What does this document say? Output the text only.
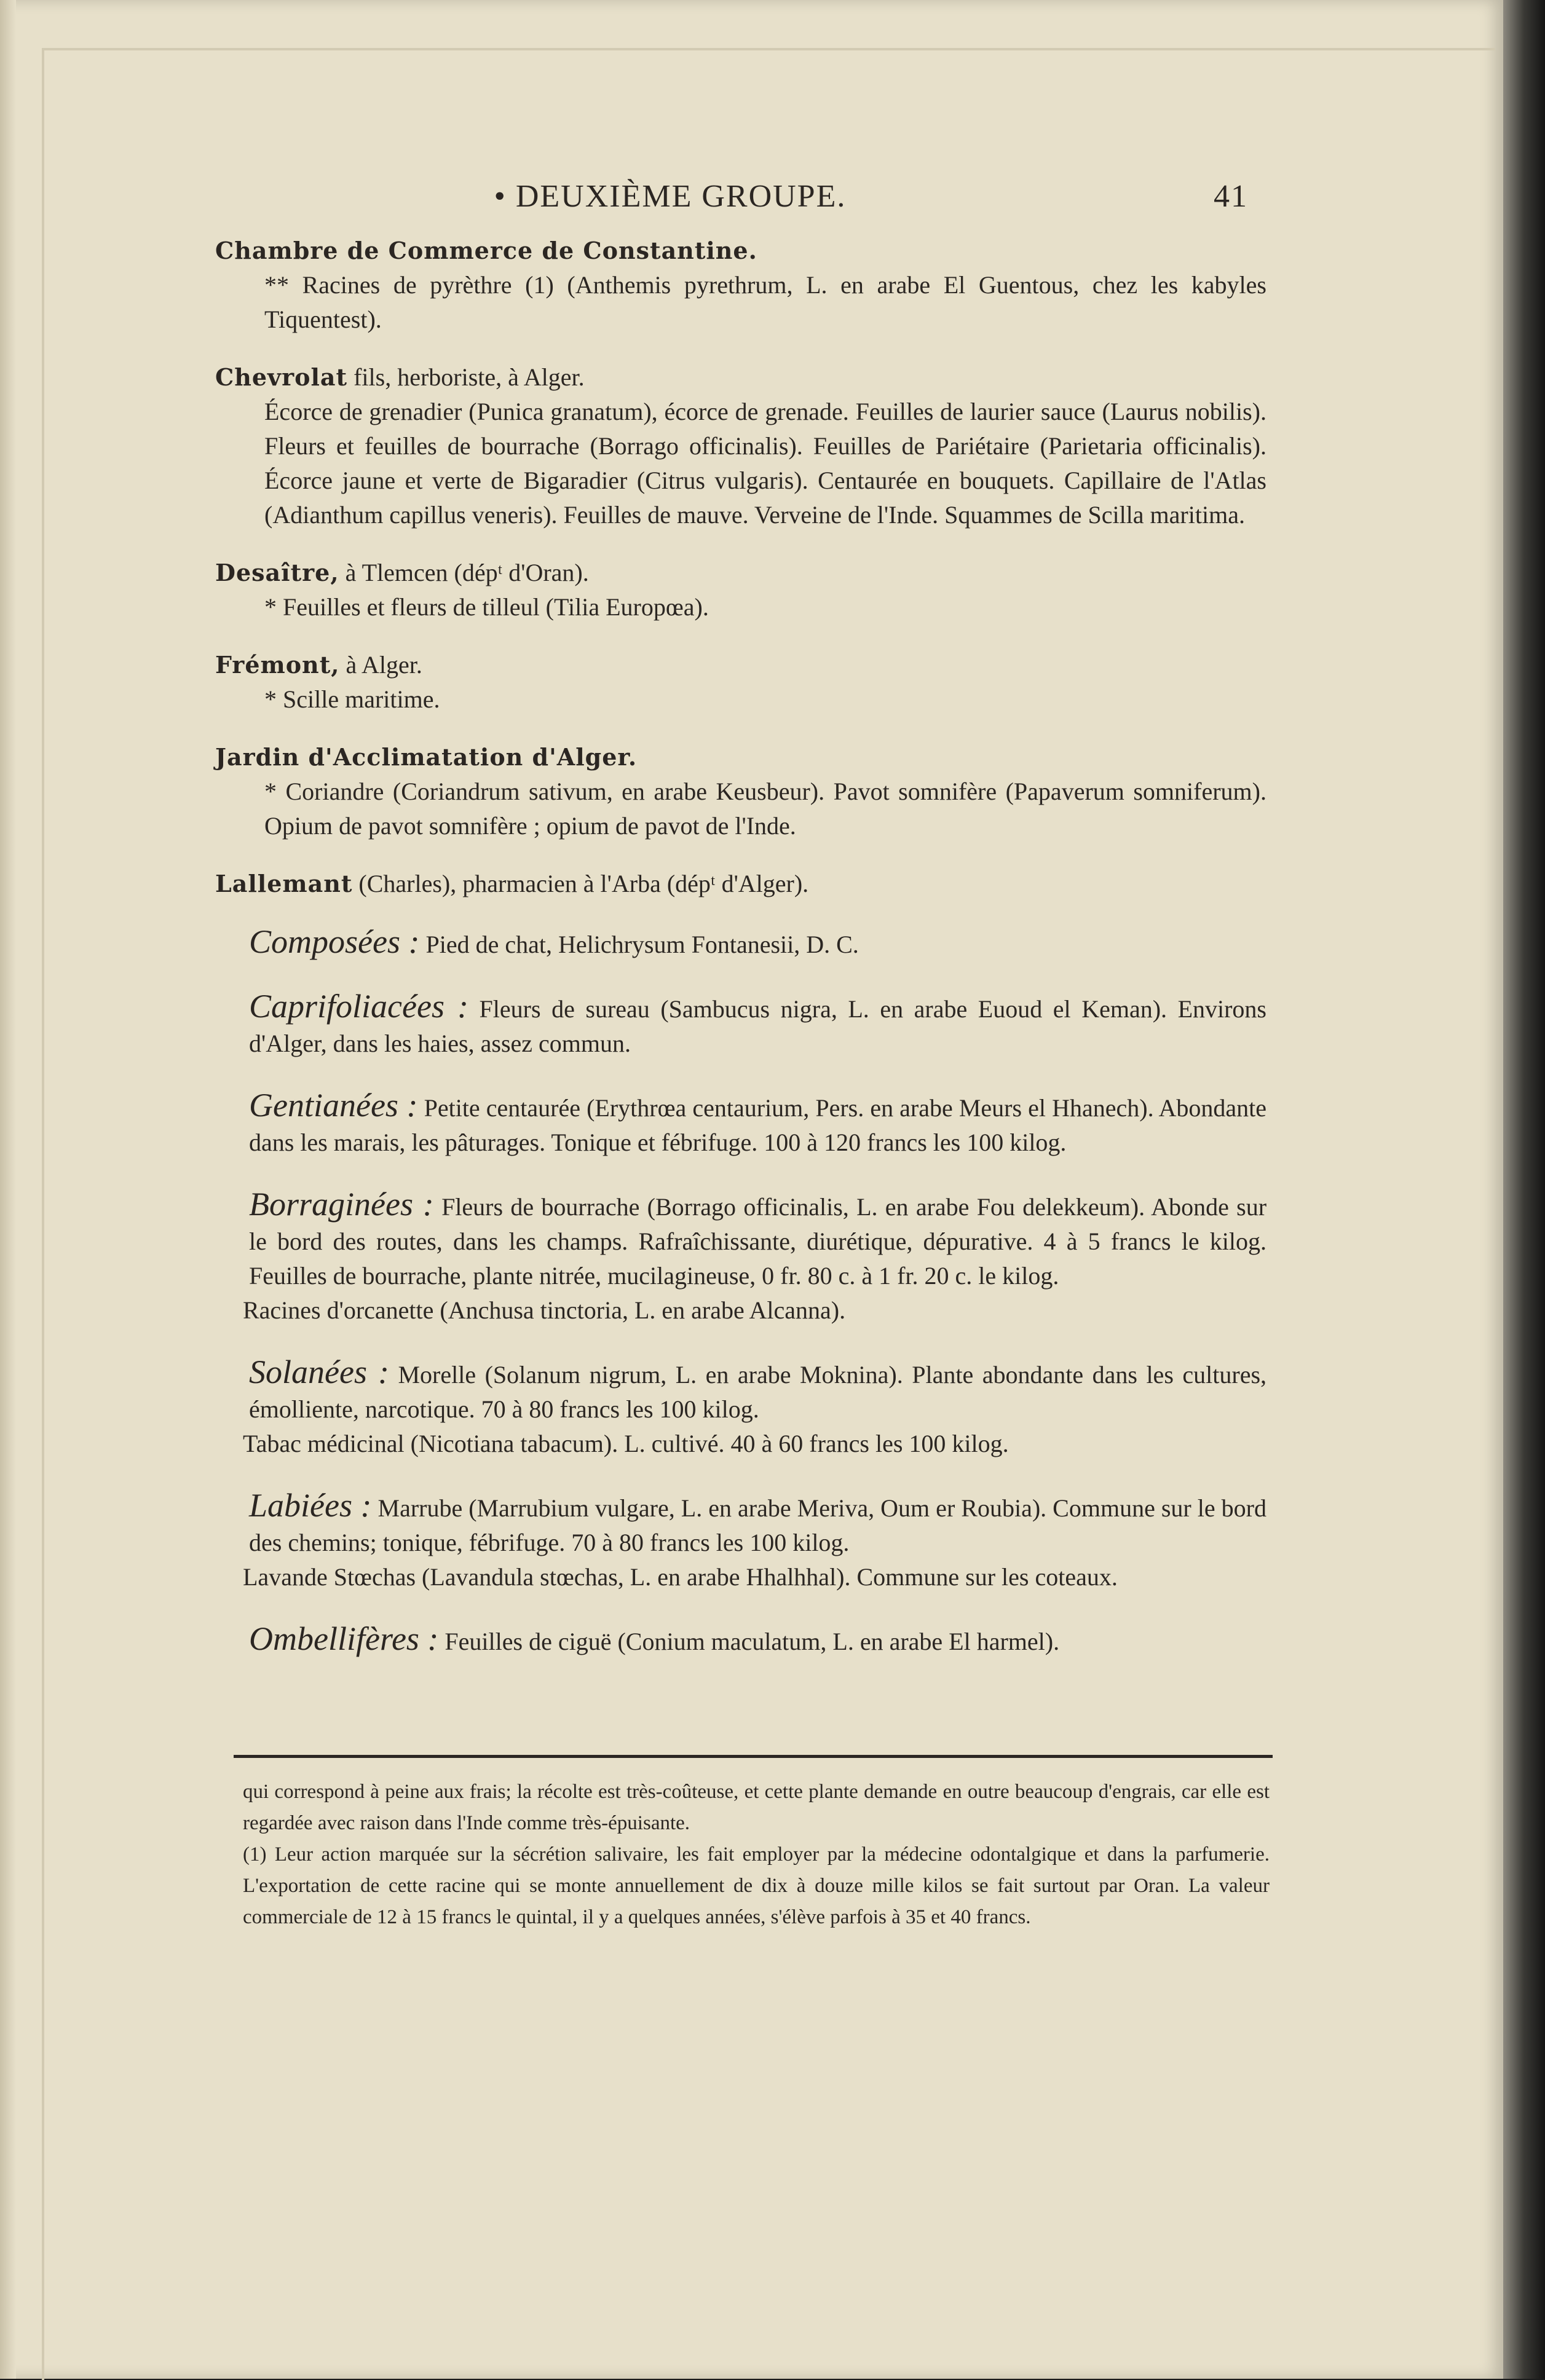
• DEUXIÈME GROUPE.	41

Chambre de Commerce de Constantine.

** Racines de pyrèthre (1) (Anthemis pyrethrum, L. en arabe El Guentous, chez les kabyles Tiquentest).

Chevrolat fils, herboriste, à Alger.

Écorce de grenadier (Punica granatum), écorce de grenade. Feuilles de laurier sauce (Laurus nobilis). Fleurs et feuilles de bourrache (Borrago officinalis). Feuilles de Pariétaire (Parietaria officinalis). Écorce jaune et verte de Bigaradier (Citrus vulgaris). Centaurée en bouquets. Capillaire de l'Atlas (Adianthum capillus veneris). Feuilles de mauve. Verveine de l'Inde. Squammes de Scilla maritima.

Desaître, à Tlemcen (dépᵗ d'Oran).

* Feuilles et fleurs de tilleul (Tilia Europœa).

Frémont, à Alger.

* Scille maritime.

Jardin d'Acclimatation d'Alger.

* Coriandre (Coriandrum sativum, en arabe Keusbeur). Pavot somnifère (Papaverum somniferum). Opium de pavot somnifère ; opium de pavot de l'Inde.

Lallemant (Charles), pharmacien à l'Arba (dépᵗ d'Alger).

Composées : Pied de chat, Helichrysum Fontanesii, D. C.

Caprifoliacées : Fleurs de sureau (Sambucus nigra, L. en arabe Euoud el Keman). Environs d'Alger, dans les haies, assez commun.

Gentianées : Petite centaurée (Erythrœa centaurium, Pers. en arabe Meurs el Hhanech). Abondante dans les marais, les pâturages. Tonique et fébrifuge. 100 à 120 francs les 100 kilog.

Borraginées : Fleurs de bourrache (Borrago officinalis, L. en arabe Fou delekkeum). Abonde sur le bord des routes, dans les champs. Rafraîchissante, diurétique, dépurative. 4 à 5 francs le kilog. Feuilles de bourrache, plante nitrée, mucilagineuse, 0 fr. 80 c. à 1 fr. 20 c. le kilog.

Racines d'orcanette (Anchusa tinctoria, L. en arabe Alcanna).

Solanées : Morelle (Solanum nigrum, L. en arabe Moknina). Plante abondante dans les cultures, émolliente, narcotique. 70 à 80 francs les 100 kilog.

Tabac médicinal (Nicotiana tabacum). L. cultivé. 40 à 60 francs les 100 kilog.

Labiées : Marrube (Marrubium vulgare, L. en arabe Meriva, Oum er Roubia). Commune sur le bord des chemins; tonique, fébrifuge. 70 à 80 francs les 100 kilog.

Lavande Stœchas (Lavandula stœchas, L. en arabe Hhalhhal). Commune sur les coteaux.

Ombellifères : Feuilles de ciguë (Conium maculatum, L. en arabe El harmel).

qui correspond à peine aux frais; la récolte est très-coûteuse, et cette plante demande en outre beaucoup d'engrais, car elle est regardée avec raison dans l'Inde comme très-épuisante.

(1) Leur action marquée sur la sécrétion salivaire, les fait employer par la médecine odontalgique et dans la parfumerie. L'exportation de cette racine qui se monte annuellement de dix à douze mille kilos se fait surtout par Oran. La valeur commerciale de 12 à 15 francs le quintal, il y a quelques années, s'élève parfois à 35 et 40 francs.
